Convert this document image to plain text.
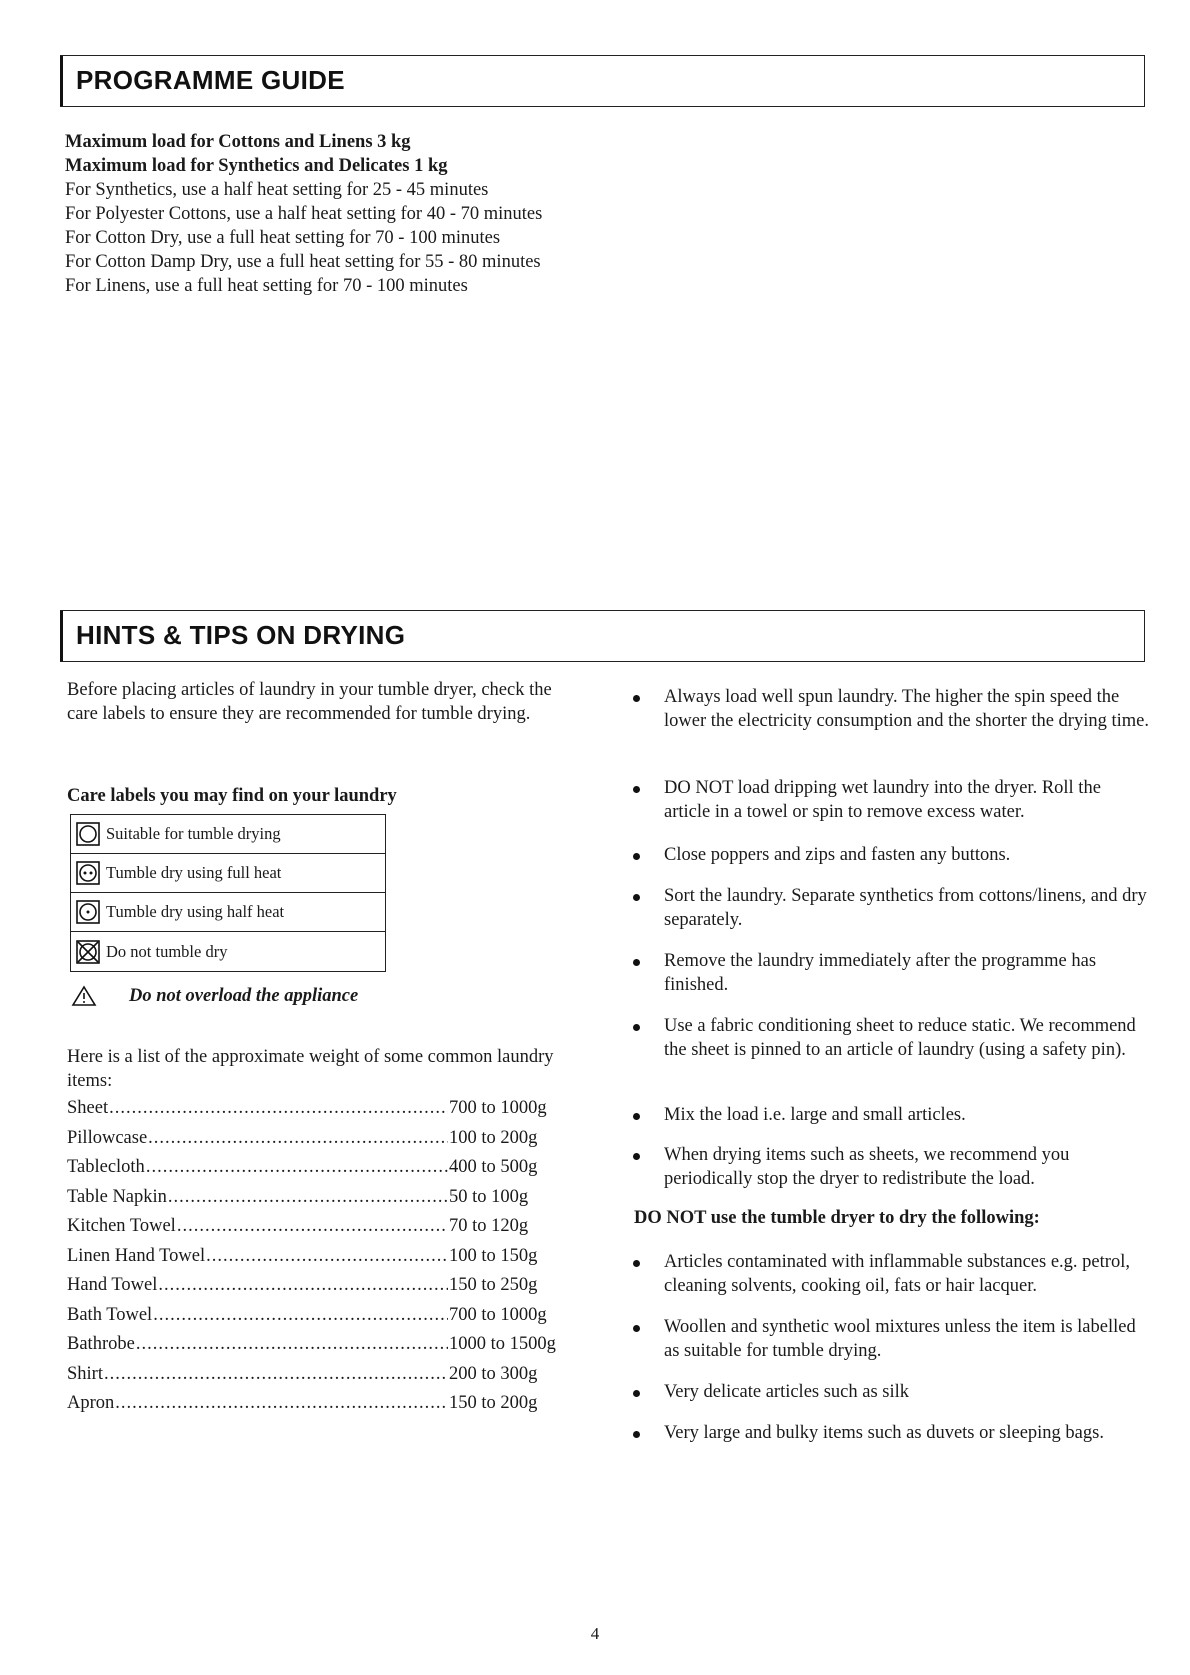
PROGRAMME GUIDE
Maximum load for Cottons and Linens 3 kg
Maximum load for Synthetics and Delicates 1 kg
For Synthetics, use a half heat setting for 25 - 45 minutes
For Polyester Cottons, use a half heat setting for 40 - 70 minutes
For Cotton Dry, use a full heat setting for 70 - 100 minutes
For Cotton Damp Dry, use a full heat setting for 55 - 80 minutes
For Linens, use a full heat setting for 70 - 100 minutes
HINTS & TIPS ON DRYING

Before placing articles of laundry in your tumble dryer, check the care labels to ensure they are recommended for tumble drying.

Care labels you may find on your laundry
Suitable for tumble drying
Tumble dry using full heat
Tumble dry using half heat
Do not tumble dry
Do not overload the appliance
Here is a list of the approximate weight of some common laundry items:
Sheet .....	700 to 1000g
Pillowcase .....	100 to 200g
Tablecloth .....	400 to 500g
Table Napkin .....	50 to 100g
Kitchen Towel .....	70 to 120g
Linen Hand Towel .....	100 to 150g
Hand Towel .....	150 to 250g
Bath Towel .....	700 to 1000g
Bathrobe .....	1000 to 1500g
Shirt .....	200 to 300g
Apron .....	150 to 200g
Always load well spun laundry. The higher the spin speed the lower the electricity consumption and the shorter the drying time.
DO NOT load dripping wet laundry into the dryer. Roll the article in a towel or spin to remove excess water.
Close poppers and zips and fasten any buttons.
Sort the laundry. Separate synthetics from cottons/linens, and dry separately.
Remove the laundry immediately after the programme has finished.
Use a fabric conditioning sheet to reduce static. We recommend the sheet is pinned to an article of laundry (using a safety pin).
Mix the load i.e. large and small articles.
When drying items such as sheets, we recommend you periodically stop the dryer to redistribute the load.
DO NOT use the tumble dryer to dry the following:
Articles contaminated with inflammable substances e.g. petrol, cleaning solvents, cooking oil, fats or hair lacquer.
Woollen and synthetic wool mixtures unless the item is labelled as suitable for tumble drying.
Very delicate articles such as silk
Very large and bulky items such as duvets or sleeping bags.
4
